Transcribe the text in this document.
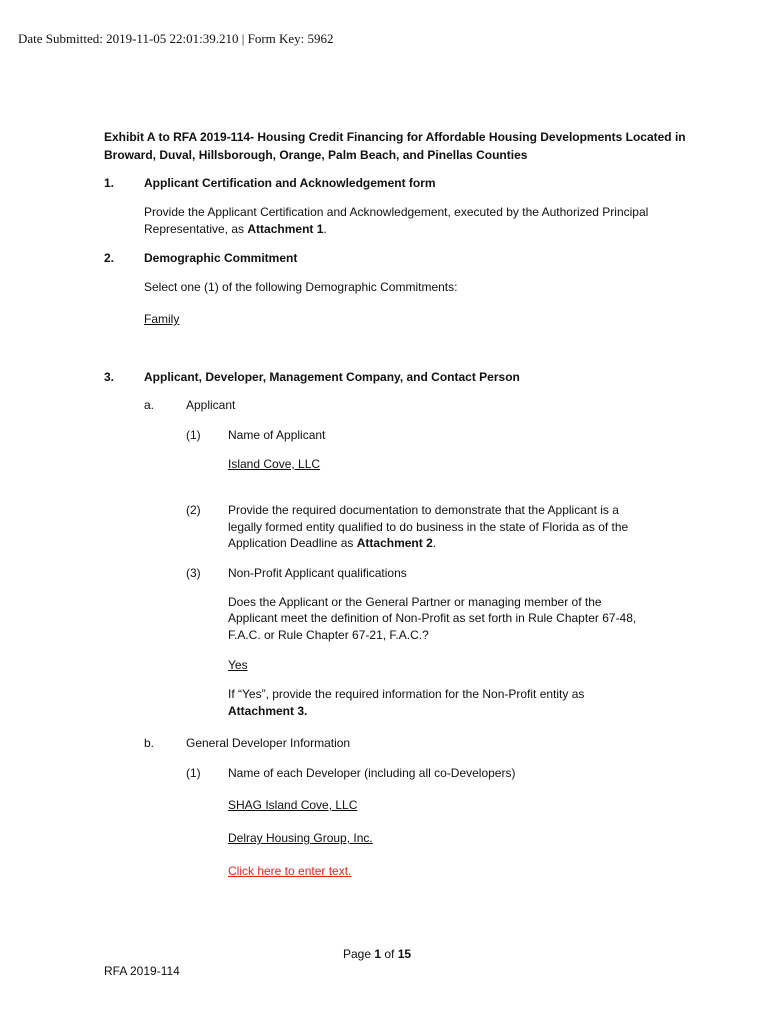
Date Submitted: 2019-11-05 22:01:39.210 | Form Key: 5962
Exhibit A to RFA 2019-114- Housing Credit Financing for Affordable Housing Developments Located in
Broward, Duval, Hillsborough, Orange, Palm Beach, and Pinellas Counties
1. Applicant Certification and Acknowledgement form
Provide the Applicant Certification and Acknowledgement, executed by the Authorized Principal
Representative, as Attachment 1.
2. Demographic Commitment
Select one (1) of the following Demographic Commitments:
Family
3. Applicant, Developer, Management Company, and Contact Person
a.	Applicant
(1) Name of Applicant
Island Cove, LLC
(2) Provide the required documentation to demonstrate that the Applicant is a
legally formed entity qualified to do business in the state of Florida as of the
Application Deadline as Attachment 2.
(3) Non-Profit Applicant qualifications
Does the Applicant or the General Partner or managing member of the
Applicant meet the definition of Non-Profit as set forth in Rule Chapter 67-48,
F.A.C. or Rule Chapter 67-21, F.A.C.?
Yes
If “Yes”, provide the required information for the Non-Profit entity as
Attachment 3.
b.	General Developer Information
(1) Name of each Developer (including all co-Developers)
SHAG Island Cove, LLC
Delray Housing Group, Inc.
Click here to enter text.
Page 1 of 15
RFA 2019-114
